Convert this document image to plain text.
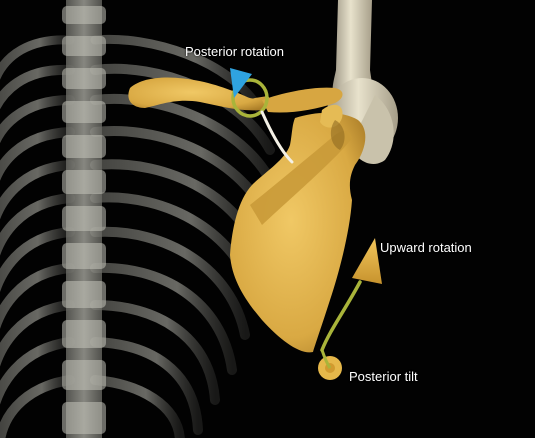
Posterior rotation
Upward rotation
Posterior tilt
